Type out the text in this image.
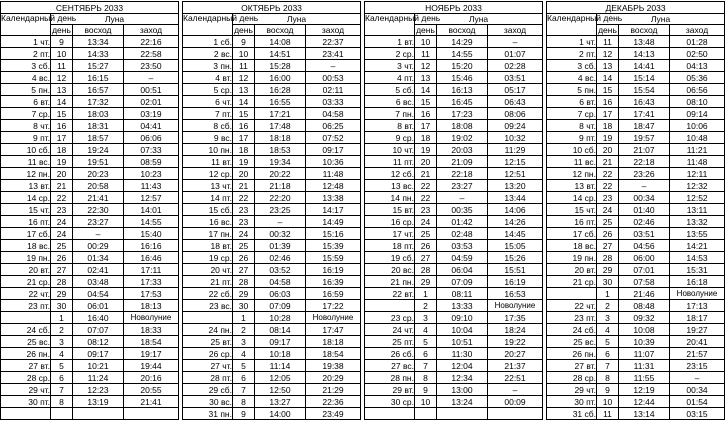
СЕНТЯБРЬ 2033			
Календарный день	Луна		
	день	восход	заход
1 чт.	9	13:34	22:16
2 пт.	10	14:33	22:58
3 сб.	11	15:27	23:50
4 вс.	12	16:15	–
5 пн.	13	16:57	00:51
6 вт.	14	17:32	02:01
7 ср.	15	18:03	03:19
8 чт.	16	18:31	04:41
9 пт.	17	18:57	06:06
10 сб.	18	19:24	07:33
11 вс.	19	19:51	08:59
12 пн.	20	20:23	10:23
13 вт.	21	20:58	11:43
14 ср.	22	21:41	12:57
15 чт.	23	22:30	14:01
16 пт.	24	23:27	14:55
17 сб.	24	–	15:40
18 вс.	25	00:29	16:16
19 пн.	26	01:34	16:46
20 вт.	27	02:41	17:11
21 ср.	28	03:48	17:33
22 чт.	29	04:54	17:53
23 пт.	30	06:01	18:13
	1	16:40	Новолуние
24 сб.	2	07:07	18:33
25 вс.	3	08:12	18:54
26 пн.	4	09:17	19:17
27 вт.	5	10:21	19:44
28 ср.	6	11:24	20:16
29 чт.	7	12:23	20:55
30 пт.	8	13:19	21:41

ОКТЯБРЬ 2033			
Календарный день	Луна		
	день	восход	заход
1 сб.	9	14:08	22:37
2 вс.	10	14:51	23:41
3 пн.	11	15:28	–
4 вт.	12	16:00	00:53
5 ср.	13	16:28	02:11
6 чт.	14	16:55	03:33
7 пт.	15	17:21	04:58
8 сб.	16	17:48	06:25
9 вс.	17	18:18	07:52
10 пн.	18	18:53	09:17
11 вт.	19	19:34	10:36
12 ср.	20	20:22	11:48
13 чт.	21	21:18	12:48
14 пт.	22	22:20	13:38
15 сб.	23	23:25	14:17
16 вс.	23	–	14:49
17 пн.	24	00:32	15:16
18 вт.	25	01:39	15:39
19 ср.	26	02:46	15:59
20 чт.	27	03:52	16:19
21 пт.	28	04:58	16:39
22 сб.	29	06:03	16:59
23 вс.	30	07:09	17:22
	1	10:28	Новолуние
24 пн.	2	08:14	17:47
25 вт.	3	09:17	18:18
26 ср.	4	10:18	18:54
27 чт.	5	11:14	19:38
28 пт.	6	12:05	20:29
29 сб.	7	12:50	21:29
30 вс.	8	13:27	22:36
31 пн.	9	14:00	23:49
НОЯБРЬ 2033			
Календарный день	Луна		
	день	восход	заход
1 вт.	10	14:29	–
2 ср.	11	14:55	01:07
3 чт.	12	15:20	02:28
4 пт.	13	15:46	03:51
5 сб.	14	16:13	05:17
6 вс.	15	16:45	06:43
7 пн.	16	17:23	08:06
8 вт.	17	18:08	09:24
9 ср.	18	19:02	10:32
10 чт.	19	20:03	11:29
11 пт.	20	21:09	12:15
12 сб.	21	22:18	12:51
13 вс.	22	23:27	13:20
14 пн.	22	–	13:44
15 вт.	23	00:35	14:06
16 ср.	24	01:42	14:26
17 чт.	25	02:48	14:45
18 пт.	26	03:53	15:05
19 сб.	27	04:59	15:26
20 вс.	28	06:04	15:51
21 пн.	29	07:09	16:19
22 вт.	1	08:11	16:53
	2	13:33	Новолуние
23 ср.	3	09:10	17:35
24 чт.	4	10:04	18:24
25 пт.	5	10:51	19:22
26 сб.	6	11:30	20:27
27 вс.	7	12:04	21:37
28 пн.	8	12:34	22:51
29 вт.	9	13:00	–
30 ср.	10	13:24	00:09

ДЕКАБРЬ 2033			
Календарный день	Луна		
	день	восход	заход
1 чт.	11	13:48	01:28
2 пт.	12	14:13	02:50
3 сб.	13	14:41	04:13
4 вс.	14	15:14	05:36
5 пн.	15	15:54	06:56
6 вт.	16	16:43	08:10
7 ср.	17	17:41	09:14
8 чт.	18	18:47	10:06
9 пт.	19	19:57	10:48
10 сб.	20	21:07	11:21
11 вс.	21	22:18	11:48
12 пн.	22	23:26	12:11
13 вт.	22	–	12:32
14 ср.	23	00:34	12:52
15 чт.	24	01:40	13:11
16 пт.	25	02:46	13:32
17 сб.	26	03:51	13:55
18 вс.	27	04:56	14:21
19 пн.	28	06:00	14:53
20 вт.	29	07:01	15:31
21 ср.	30	07:58	16:18
	1	21:46	Новолуние
22 чт.	2	08:48	17:13
23 пт.	3	09:32	18:17
24 сб.	4	10:08	19:27
25 вс.	5	10:39	20:41
26 пн.	6	11:07	21:57
27 вт.	7	11:31	23:15
28 ср.	8	11:55	–
29 чт.	9	12:19	00:34
30 пт.	10	12:44	01:54
31 сб.	11	13:14	03:15
